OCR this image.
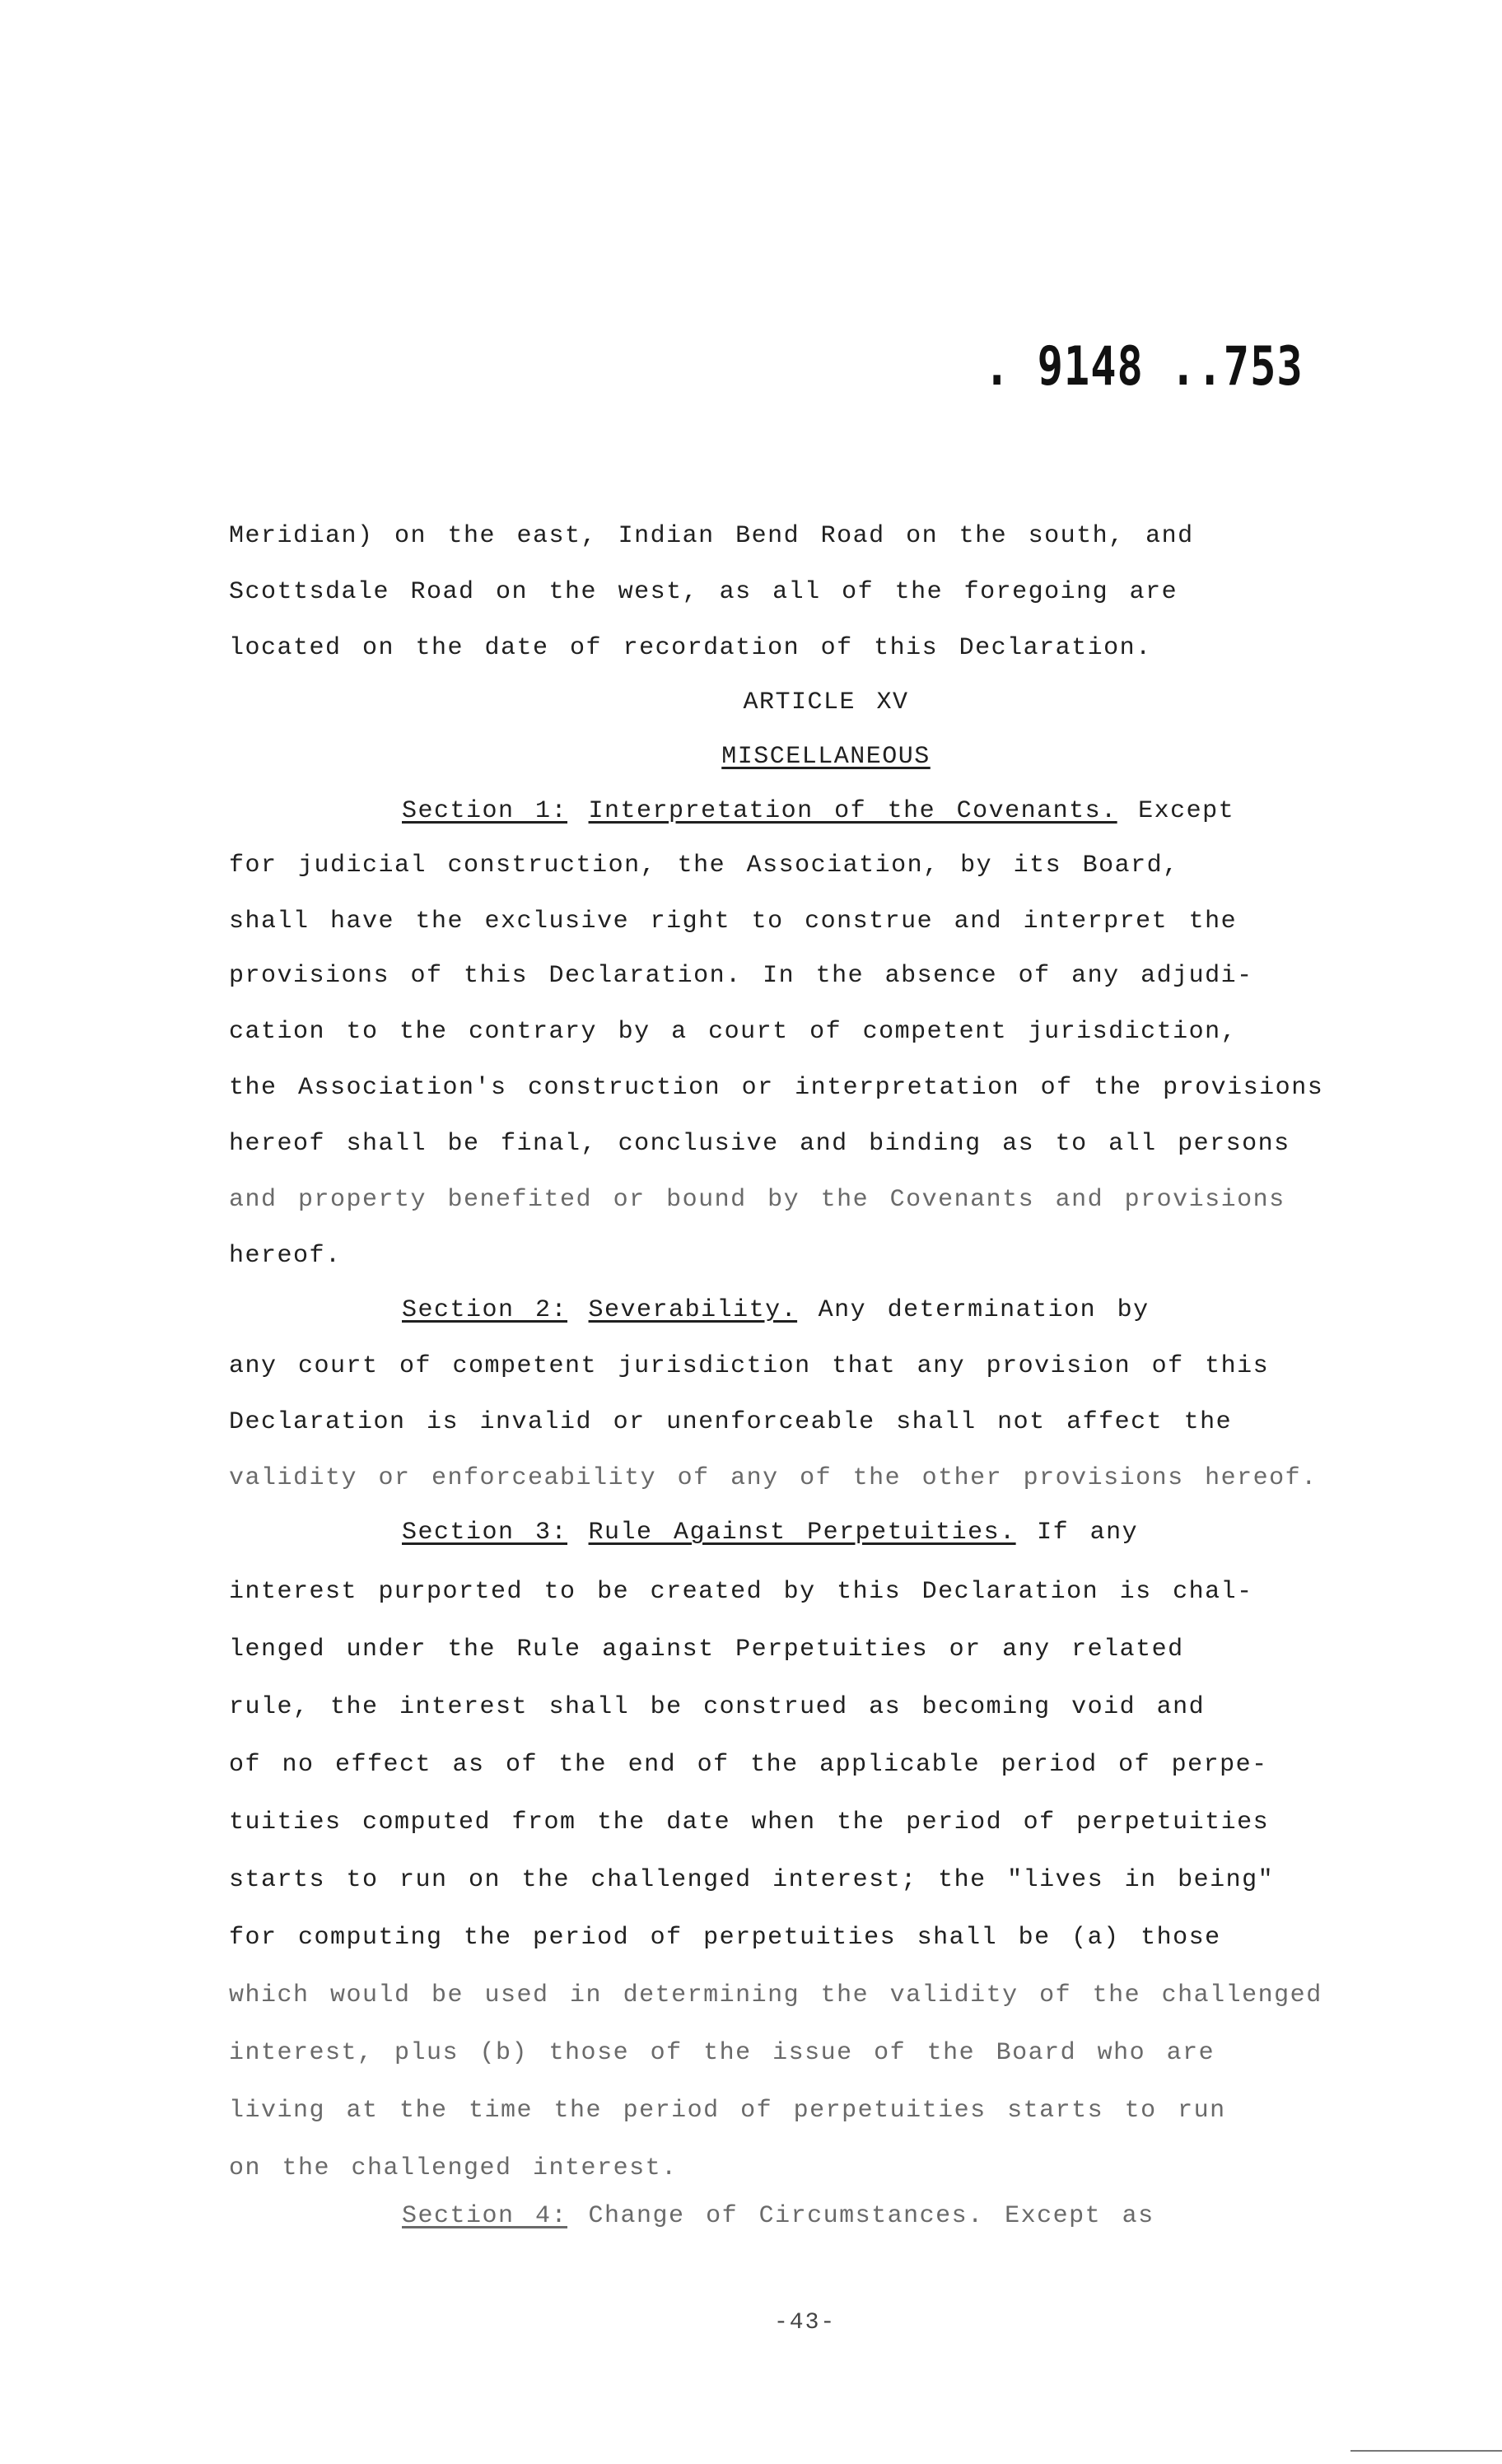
. 9148 ..753
Meridian) on the east, Indian Bend Road on the south, and
Scottsdale Road on the west, as all of the foregoing are
located on the date of recordation of this Declaration.
ARTICLE XV
MISCELLANEOUS
Section 1: Interpretation of the Covenants. Except
for judicial construction, the Association, by its Board,
shall have the exclusive right to construe and interpret the
provisions of this Declaration. In the absence of any adjudi-
cation to the contrary by a court of competent jurisdiction,
the Association's construction or interpretation of the provisions
hereof shall be final, conclusive and binding as to all persons
and property benefited or bound by the Covenants and provisions
hereof.
Section 2: Severability. Any determination by
any court of competent jurisdiction that any provision of this
Declaration is invalid or unenforceable shall not affect the
validity or enforceability of any of the other provisions hereof.
Section 3: Rule Against Perpetuities. If any
interest purported to be created by this Declaration is chal-
lenged under the Rule against Perpetuities or any related
rule, the interest shall be construed as becoming void and
of no effect as of the end of the applicable period of perpe-
tuities computed from the date when the period of perpetuities
starts to run on the challenged interest; the "lives in being"
for computing the period of perpetuities shall be (a) those
which would be used in determining the validity of the challenged
interest, plus (b) those of the issue of the Board who are
living at the time the period of perpetuities starts to run
on the challenged interest.
Section 4: Change of Circumstances. Except as
-43-
